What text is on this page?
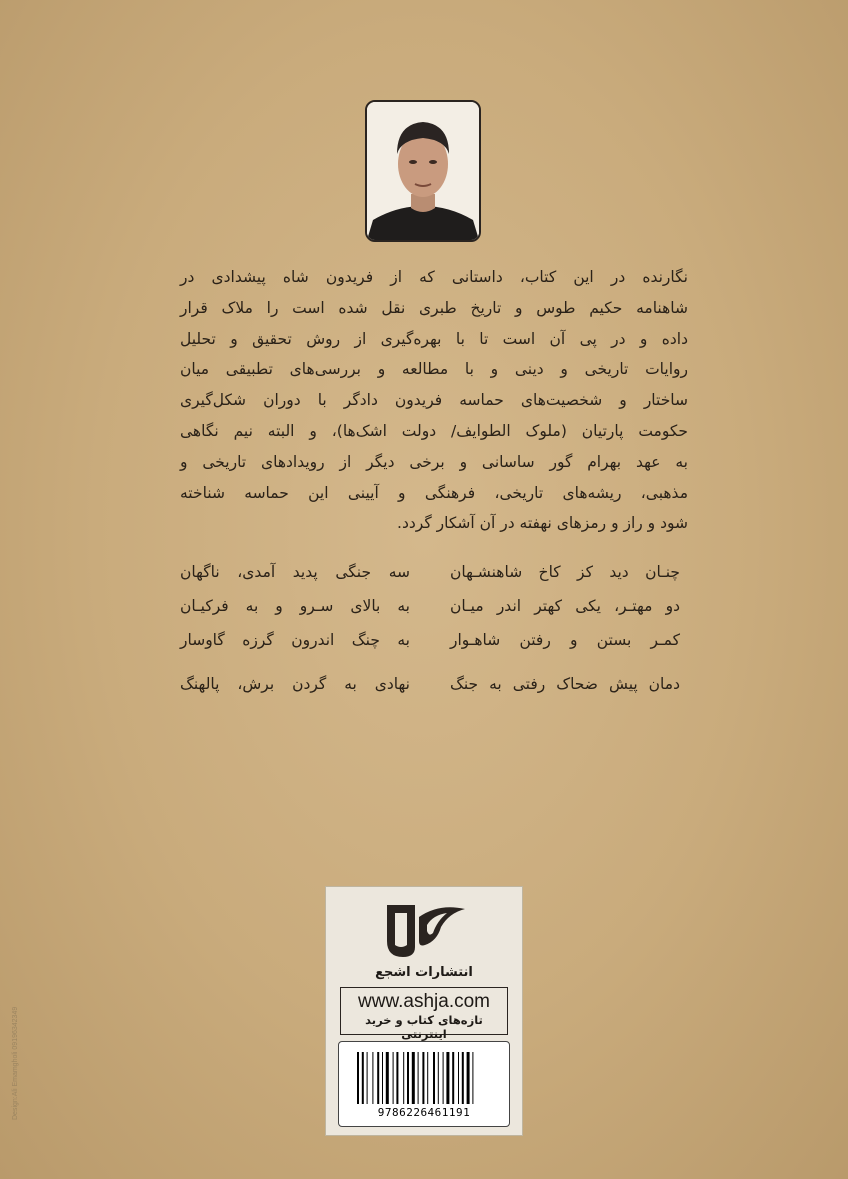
نگارنده در این کتاب، داستانی که از فریدون شاه پیشدادی در
شاهنامه حکیم طوس و تاریخ طبری نقل شده است را ملاک قرار
داده و در پی آن است تا با بهره‌گیری از روش تحقیق و تحلیل
روایات تاریخی و دینی و با مطالعه و بررسی‌های تطبیقی میان
ساختار و شخصیت‌های حماسه فریدون دادگر با دوران شکل‌گیری
حکومت پارتیان (ملوک الطوایف/ دولت اشک‌ها)، و البته نیم نگاهی
به عهد بهرام گور ساسانی و برخی دیگر از رویدادهای تاریخی و
مذهبی، ریشه‌های تاریخی، فرهنگی و آیینی این حماسه شناخته
شود و راز و رمزهای نهفته در آن آشکار گردد.
چنـان دید کز کاخ شاهنشـهان
سه جنگی پدید آمدی، ناگهان
دو مهتـر، یکی کهتر اندر میـان
به بالای سـرو و به فرکیـان
کمـر بستن و رفتن شاهـوار
به چنگ اندرون گرزه گاوسار
دمان پیش ضحاک رفتی به جنگ
نهادی به گردن برش، پالهنگ
انتشارات اشجع
www.ashja.com
تازه‌های کتاب و خرید اینترنتی
9786226461191
Design:Ali Emamgholi 09196342349
